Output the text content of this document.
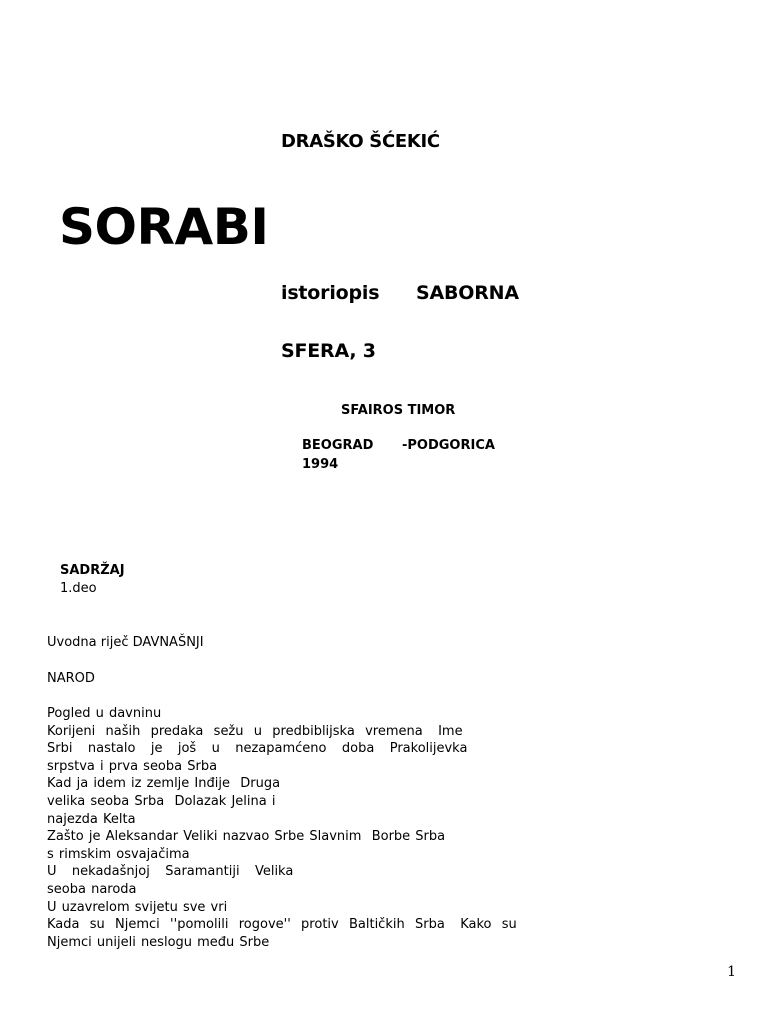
DRAŠKO ŠĆEKIĆ
SORABI
istoriopis SABORNA
SFERA, 3
SFAIROS TIMOR
BEOGRAD -PODGORICA
1994
SADRŽAJ
1.deo
Uvodna riječ DAVNAŠNJI
NAROD
Pogled u davninu
Korijeni  naših  predaka  sežu  u  predbiblijska  vremena   Ime
Srbi   nastalo   je   još   u   nezapamćeno   doba   Prakolijevka
srpstva i prva seoba Srba
Kad ja idem iz zemlje Inđije  Druga
velika seoba Srba  Dolazak Jelina i
najezda Kelta
Zašto je Aleksandar Veliki nazvao Srbe Slavnim  Borbe Srba
s rimskim osvajačima
U   nekadašnjoj   Saramantiji   Velika
seoba naroda
U uzavrelom svijetu sve vri
Kada  su  Njemci  ''pomolili  rogove''  protiv  Baltičkih  Srba   Kako  su
Njemci unijeli neslogu među Srbe
1
